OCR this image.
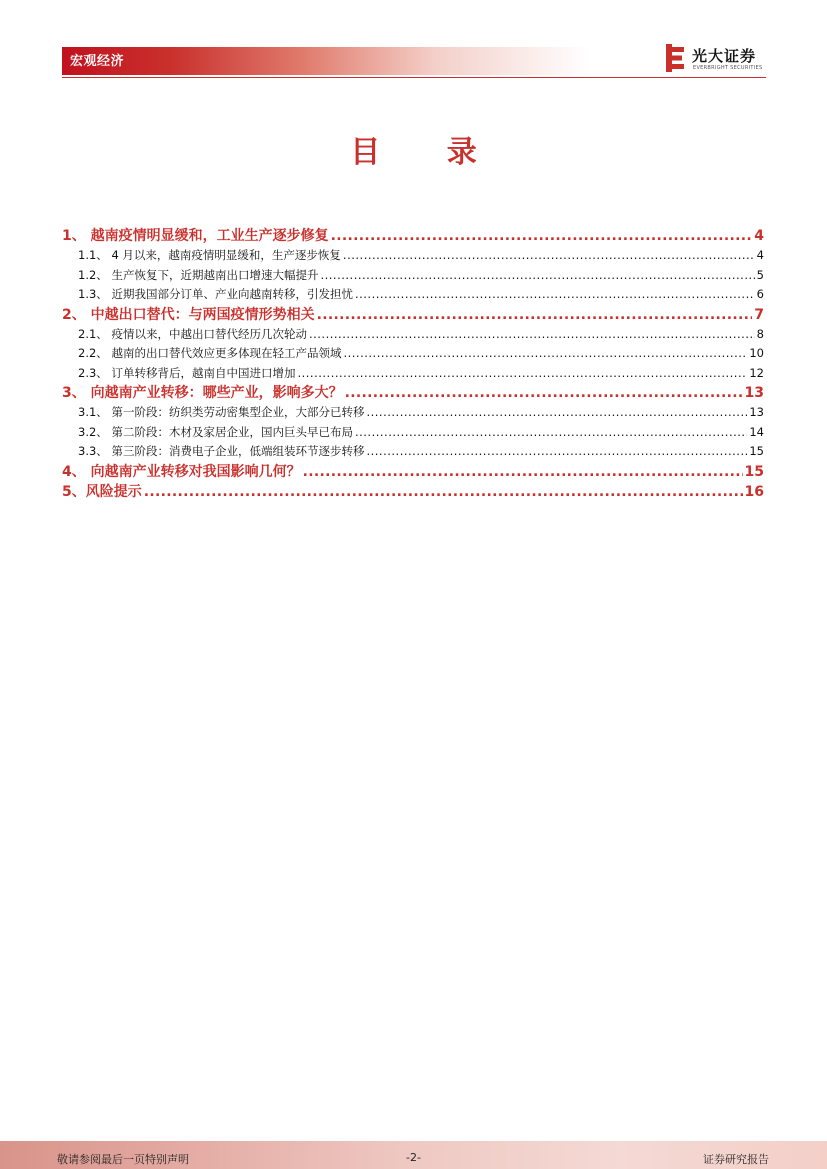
宏观经济	光大证券
EVERBRIGHT SECURITIES
目 录
1、 越南疫情明显缓和，工业生产逐步修复 .....	4
1.1、 4 月以来，越南疫情明显缓和，生产逐步恢复 .....	4
1.2、 生产恢复下，近期越南出口增速大幅提升 .....	5
1.3、 近期我国部分订单、产业向越南转移，引发担忧 .....	6
2、 中越出口替代：与两国疫情形势相关 .....	7
2.1、 疫情以来，中越出口替代经历几次轮动 .....	8
2.2、 越南的出口替代效应更多体现在轻工产品领域 .....	10
2.3、 订单转移背后，越南自中国进口增加 .....	12
3、 向越南产业转移：哪些产业，影响多大？ .....	13
3.1、 第一阶段：纺织类劳动密集型企业，大部分已转移 .....	13
3.2、 第二阶段：木材及家居企业，国内巨头早已布局 .....	14
3.3、 第三阶段：消费电子企业，低端组装环节逐步转移 .....	15
4、 向越南产业转移对我国影响几何？ .....	15
5、风险提示 .....	16
敬请参阅最后一页特别声明	-2-	证券研究报告
